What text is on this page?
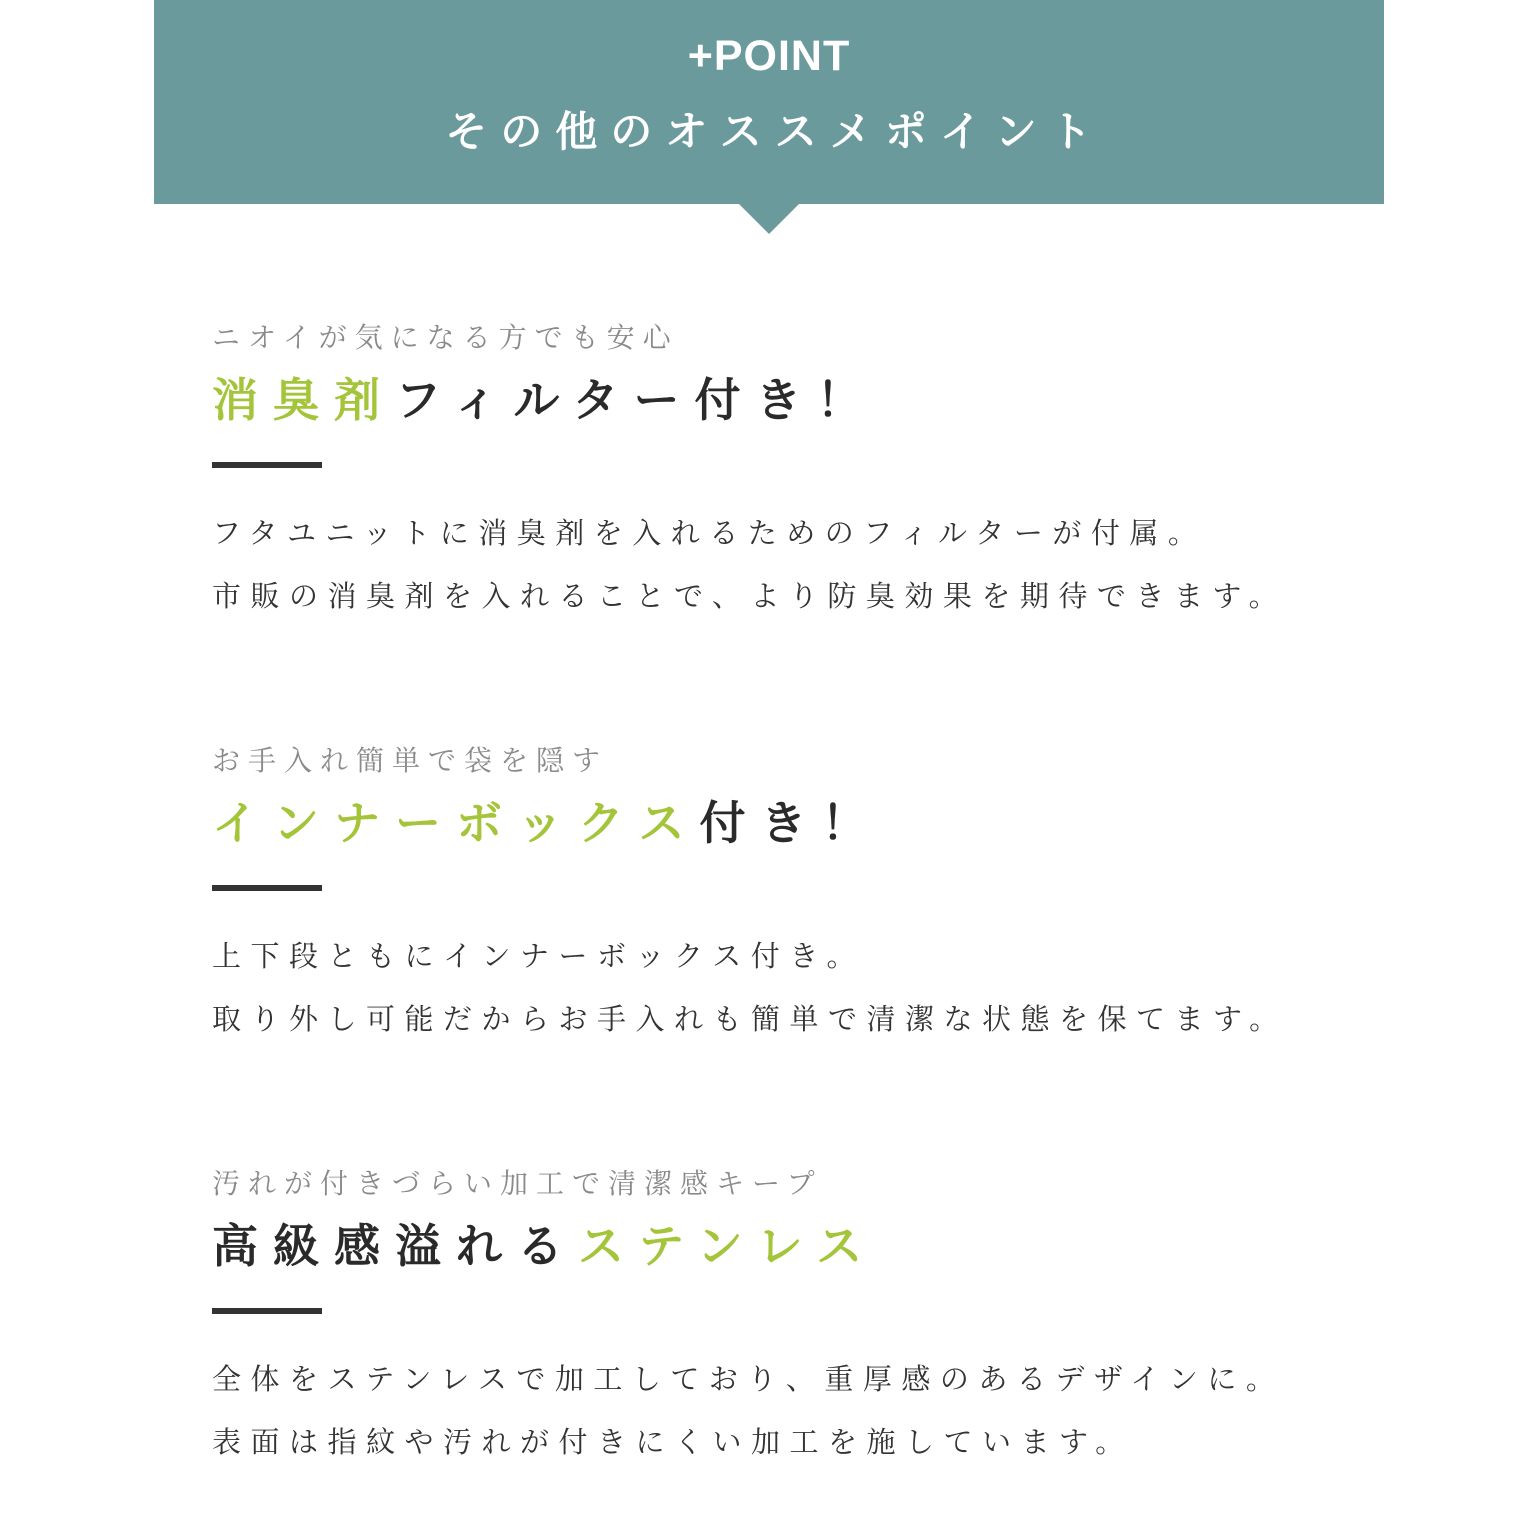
+POINT
その他のオススメポイント
ニオイが気になる方でも安心
消臭剤フィルター付き！
フタユニットに消臭剤を入れるためのフィルターが付属。
市販の消臭剤を入れることで、より防臭効果を期待できます。
お手入れ簡単で袋を隠す
インナーボックス付き！
上下段ともにインナーボックス付き。
取り外し可能だからお手入れも簡単で清潔な状態を保てます。
汚れが付きづらい加工で清潔感キープ
高級感溢れるステンレス
全体をステンレスで加工しており、重厚感のあるデザインに。
表面は指紋や汚れが付きにくい加工を施しています。
